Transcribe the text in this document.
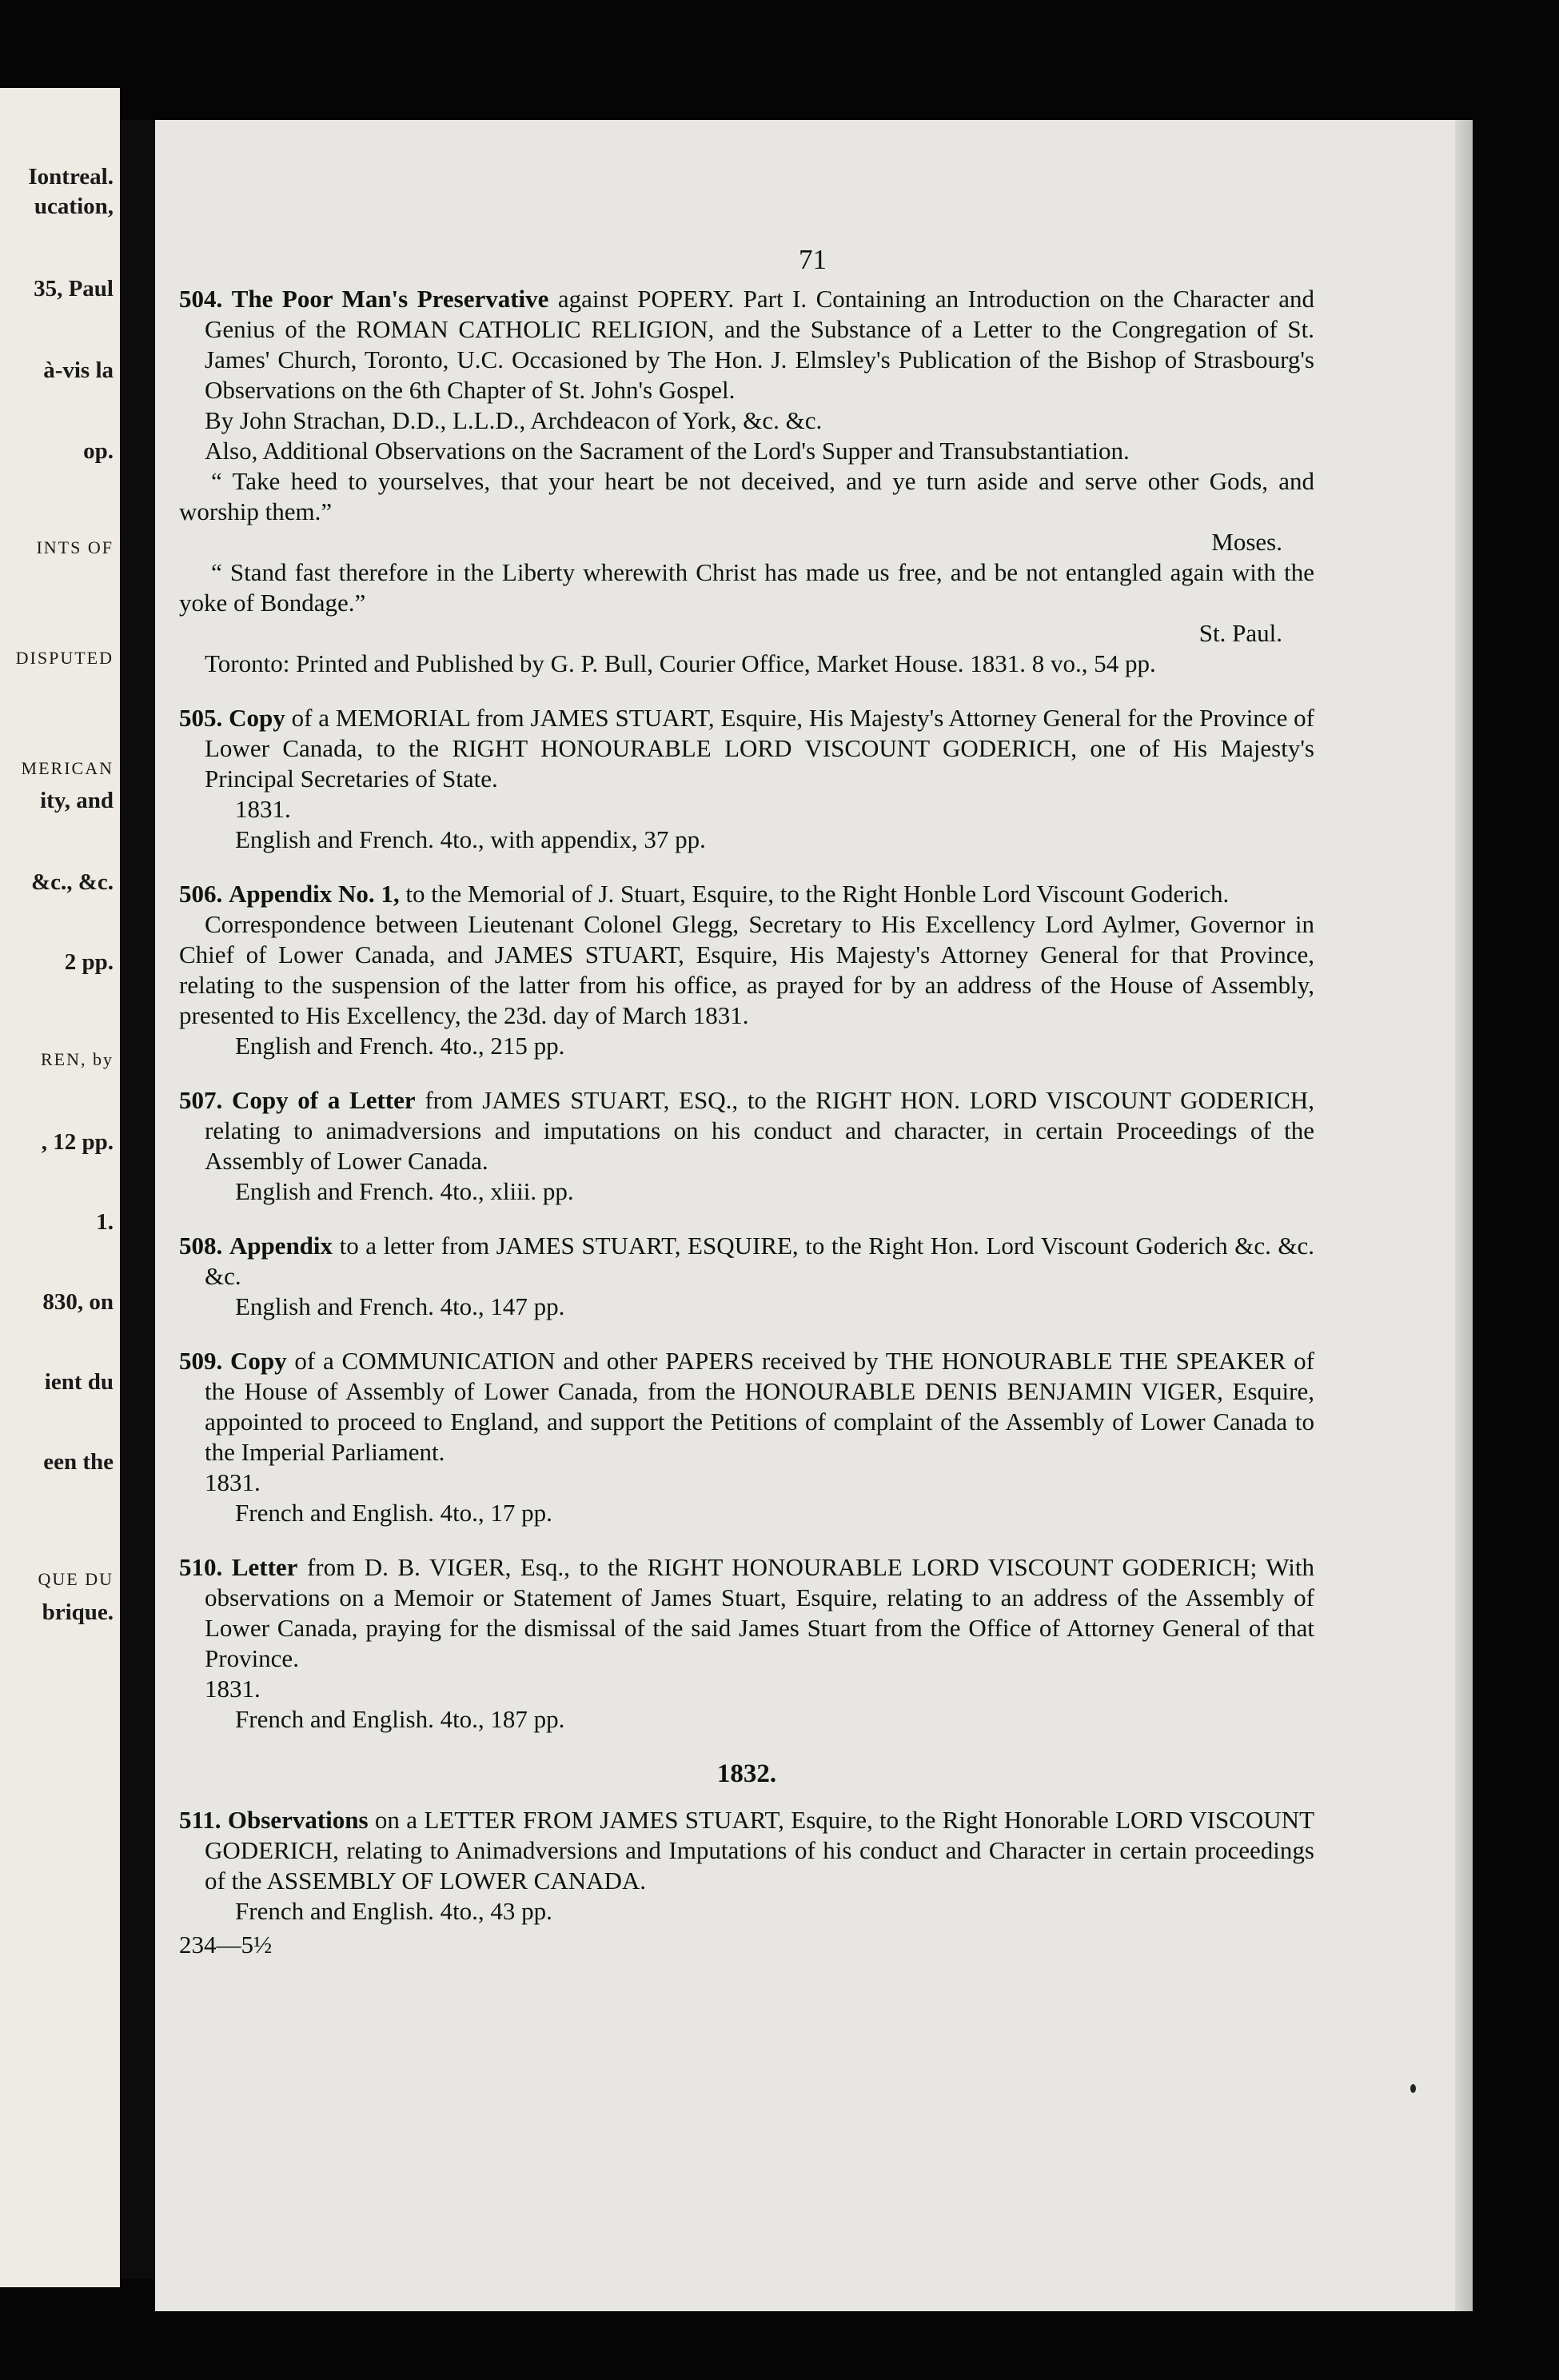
Iontreal.
ucation,
35, Paul
à-vis la
op.
INTS OF
DISPUTED
MERICAN
ity, and
&c., &c.
2 pp.
REN, by
, 12 pp.
1.
830, on
ient du
een the
QUE DU
brique.
71

504. The Poor Man's Preservative against POPERY. Part I. Containing an Introduction on the Character and Genius of the ROMAN CATHOLIC RELIGION, and the Substance of a Letter to the Congregation of St. James' Church, Toronto, U.C. Occasioned by The Hon. J. Elmsley's Publication of the Bishop of Strasbourg's Observations on the 6th Chapter of St. John's Gospel.

By John Strachan, D.D., L.L.D., Archdeacon of York, &c. &c.

Also, Additional Observations on the Sacrament of the Lord's Supper and Transubstantiation.

“ Take heed to yourselves, that your heart be not deceived, and ye turn aside and serve other Gods, and worship them.”

Moses.

“ Stand fast therefore in the Liberty wherewith Christ has made us free, and be not entangled again with the yoke of Bondage.”

St. Paul.

Toronto: Printed and Published by G. P. Bull, Courier Office, Market House. 1831. 8 vo., 54 pp.

505. Copy of a MEMORIAL from JAMES STUART, Esquire, His Majesty's Attorney General for the Province of Lower Canada, to the RIGHT HONOURABLE LORD VISCOUNT GODERICH, one of His Majesty's Principal Secretaries of State.

1831.

English and French. 4to., with appendix, 37 pp.

506. Appendix No. 1, to the Memorial of J. Stuart, Esquire, to the Right Honble Lord Viscount Goderich.

Correspondence between Lieutenant Colonel Glegg, Secretary to His Excellency Lord Aylmer, Governor in Chief of Lower Canada, and JAMES STUART, Esquire, His Majesty's Attorney General for that Province, relating to the suspension of the latter from his office, as prayed for by an address of the House of Assembly, presented to His Excellency, the 23d. day of March 1831.

English and French. 4to., 215 pp.

507. Copy of a Letter from JAMES STUART, ESQ., to the RIGHT HON. LORD VISCOUNT GODERICH, relating to animadversions and imputations on his conduct and character, in certain Proceedings of the Assembly of Lower Canada.

English and French. 4to., xliii. pp.

508. Appendix to a letter from JAMES STUART, ESQUIRE, to the Right Hon. Lord Viscount Goderich &c. &c. &c.

English and French. 4to., 147 pp.

509. Copy of a COMMUNICATION and other PAPERS received by THE HONOURABLE THE SPEAKER of the House of Assembly of Lower Canada, from the HONOURABLE DENIS BENJAMIN VIGER, Esquire, appointed to proceed to England, and support the Petitions of complaint of the Assembly of Lower Canada to the Imperial Parliament.

1831.

French and English. 4to., 17 pp.

510. Letter from D. B. VIGER, Esq., to the RIGHT HONOURABLE LORD VISCOUNT GODERICH; With observations on a Memoir or Statement of James Stuart, Esquire, relating to an address of the Assembly of Lower Canada, praying for the dismissal of the said James Stuart from the Office of Attorney General of that Province.

1831.

French and English. 4to., 187 pp.

1832.

511. Observations on a LETTER FROM JAMES STUART, Esquire, to the Right Honorable LORD VISCOUNT GODERICH, relating to Animadversions and Imputations of his conduct and Character in certain proceedings of the ASSEMBLY OF LOWER CANADA.

French and English. 4to., 43 pp.

234—5½
